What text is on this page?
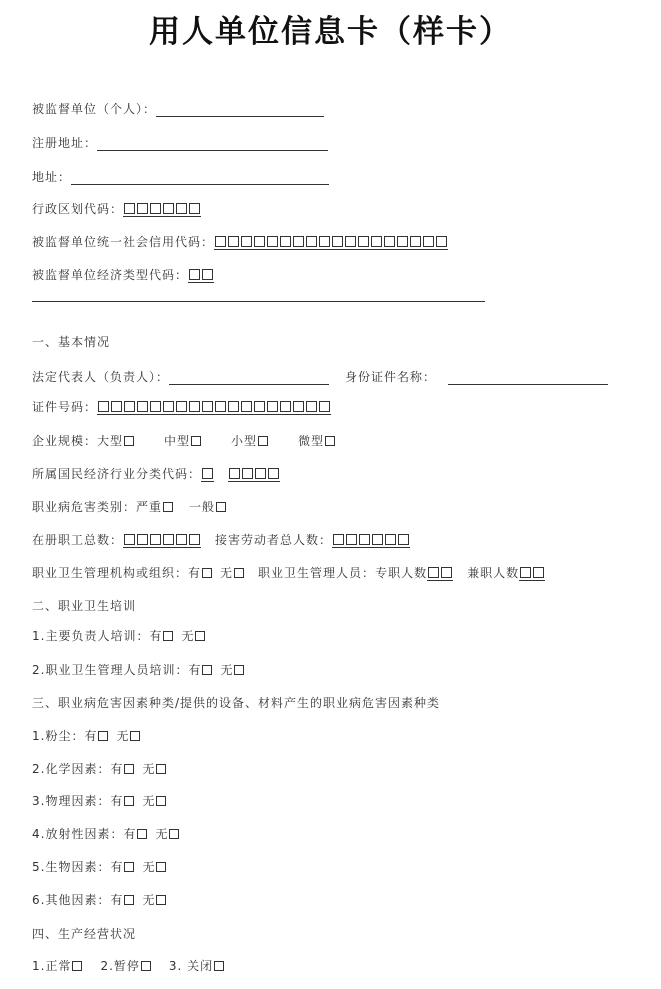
用人单位信息卡（样卡）
被监督单位（个人）：
注册地址：
地址：
行政区划代码：
被监督单位统一社会信用代码：
被监督单位经济类型代码：
一、基本情况
法定代表人（负责人）：	身份证件名称：
证件号码：
企业规模： 大型	中型	小型	微型
所属国民经济行业分类代码：
职业病危害类别： 严重 一般
在册职工总数：	接害劳动者总人数：
职业卫生管理机构或组织： 有 无 职业卫生管理人员： 专职人数	兼职人数
二、职业卫生培训
1.主要负责人培训： 有 无
2.职业卫生管理人员培训： 有 无
三、职业病危害因素种类/提供的设备、材料产生的职业病危害因素种类
1.粉尘： 有 无
2.化学因素： 有 无
3.物理因素： 有 无
4.放射性因素： 有 无
5.生物因素： 有 无
6.其他因素： 有 无
四、生产经营状况
1.正常 2.暂停 3. 关闭
